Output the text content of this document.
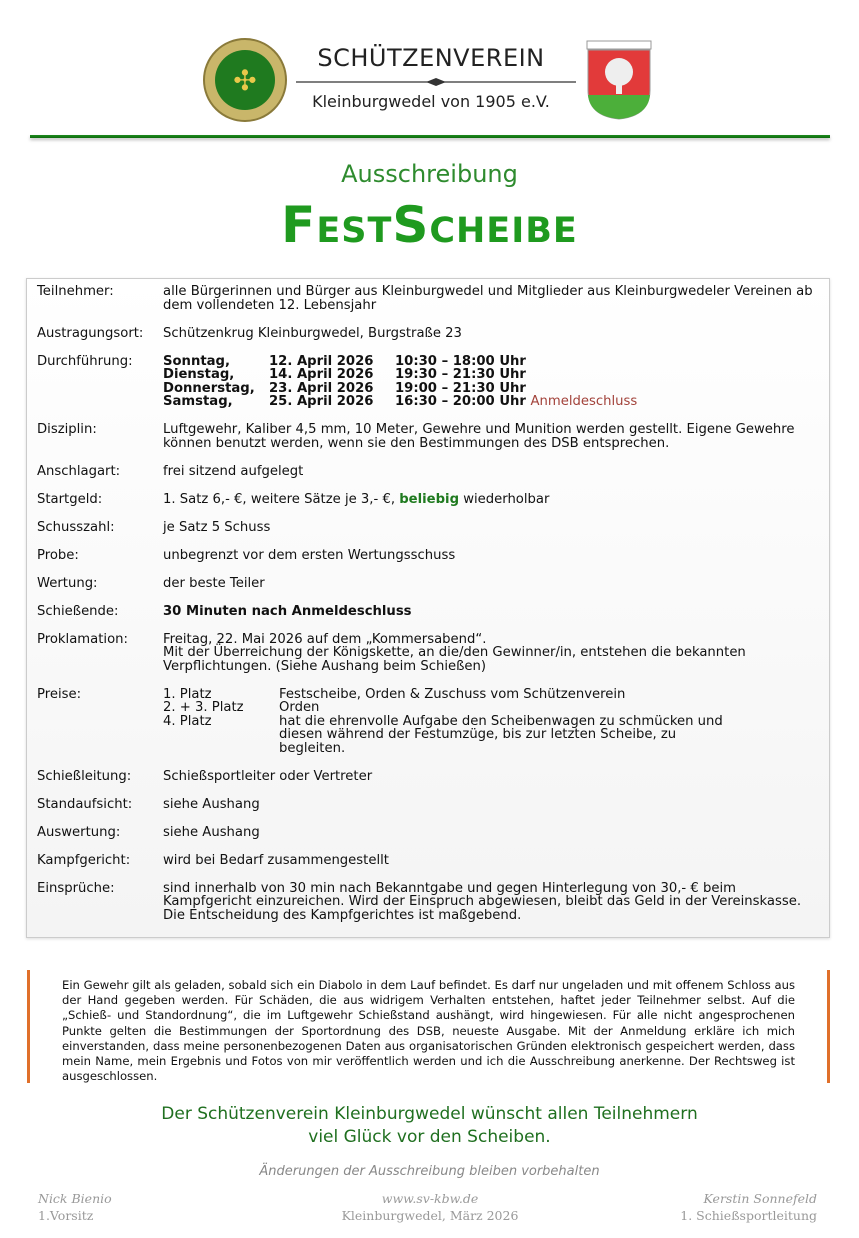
✣
SCHÜTZENVEREIN
Kleinburgwedel von 1905 e.V.
Ausschreibung
FestScheibe
Teilnehmer:	alle Bürgerinnen und Bürger aus Kleinburgwedel und Mitglieder aus Kleinburgwedeler Vereinen ab dem vollendeten 12. Lebensjahr
Austragungsort:	Schützenkrug Kleinburgwedel, Burgstraße 23
Durchführung:	Sonntag,	12. April 2026	10:30 – 18:00 Uhr
Dienstag,	14. April 2026	19:30 – 21:30 Uhr
Donnerstag,	23. April 2026	19:00 – 21:30 Uhr
Samstag,	25. April 2026	16:30 – 20:00 Uhr Anmeldeschluss
Disziplin:	Luftgewehr, Kaliber 4,5 mm, 10 Meter, Gewehre und Munition werden gestellt. Eigene Gewehre können benutzt werden, wenn sie den Bestimmungen des DSB entsprechen.
Anschlagart:	frei sitzend aufgelegt
Startgeld:	1. Satz 6,- €, weitere Sätze je 3,- €, beliebig wiederholbar
Schusszahl:	je Satz 5 Schuss
Probe:	unbegrenzt vor dem ersten Wertungsschuss
Wertung:	der beste Teiler
Schießende:	30 Minuten nach Anmeldeschluss
Proklamation:	Freitag, 22. Mai 2026 auf dem „Kommersabend“.
Mit der Überreichung der Königskette, an die/den Gewinner/in, entstehen die bekannten Verpflichtungen. (Siehe Aushang beim Schießen)
Preise:	1. Platz	Festscheibe, Orden & Zuschuss vom Schützenverein
2. + 3. Platz	Orden
4. Platz	hat die ehrenvolle Aufgabe den Scheibenwagen zu schmücken und diesen während der Festumzüge, bis zur letzten Scheibe, zu begleiten.
Schießleitung:	Schießsportleiter oder Vertreter
Standaufsicht:	siehe Aushang
Auswertung:	siehe Aushang
Kampfgericht:	wird bei Bedarf zusammengestellt
Einsprüche:	sind innerhalb von 30 min nach Bekanntgabe und gegen Hinterlegung von 30,- € beim Kampfgericht einzureichen. Wird der Einspruch abgewiesen, bleibt das Geld in der Vereinskasse. Die Entscheidung des Kampfgerichtes ist maßgebend.
Ein Gewehr gilt als geladen, sobald sich ein Diabolo in dem Lauf befindet. Es darf nur ungeladen und mit offenem Schloss aus der Hand gegeben werden. Für Schäden, die aus widrigem Verhalten entstehen, haftet jeder Teilnehmer selbst. Auf die „Schieß- und Standordnung“, die im Luftgewehr Schießstand aushängt, wird hingewiesen. Für alle nicht angesprochenen Punkte gelten die Bestimmungen der Sportordnung des DSB, neueste Ausgabe. Mit der Anmeldung erkläre ich mich einverstanden, dass meine personenbezogenen Daten aus organisatorischen Gründen elektronisch gespeichert werden, dass mein Name, mein Ergebnis und Fotos von mir veröffentlich werden und ich die Ausschreibung anerkenne. Der Rechtsweg ist ausgeschlossen.
Der Schützenverein Kleinburgwedel wünscht allen Teilnehmern
viel Glück vor den Scheiben.
Änderungen der Ausschreibung bleiben vorbehalten
Nick Bienio
1.Vorsitz
www.sv-kbw.de
Kleinburgwedel, März 2026
Kerstin Sonnefeld
1. Schießsportleitung
